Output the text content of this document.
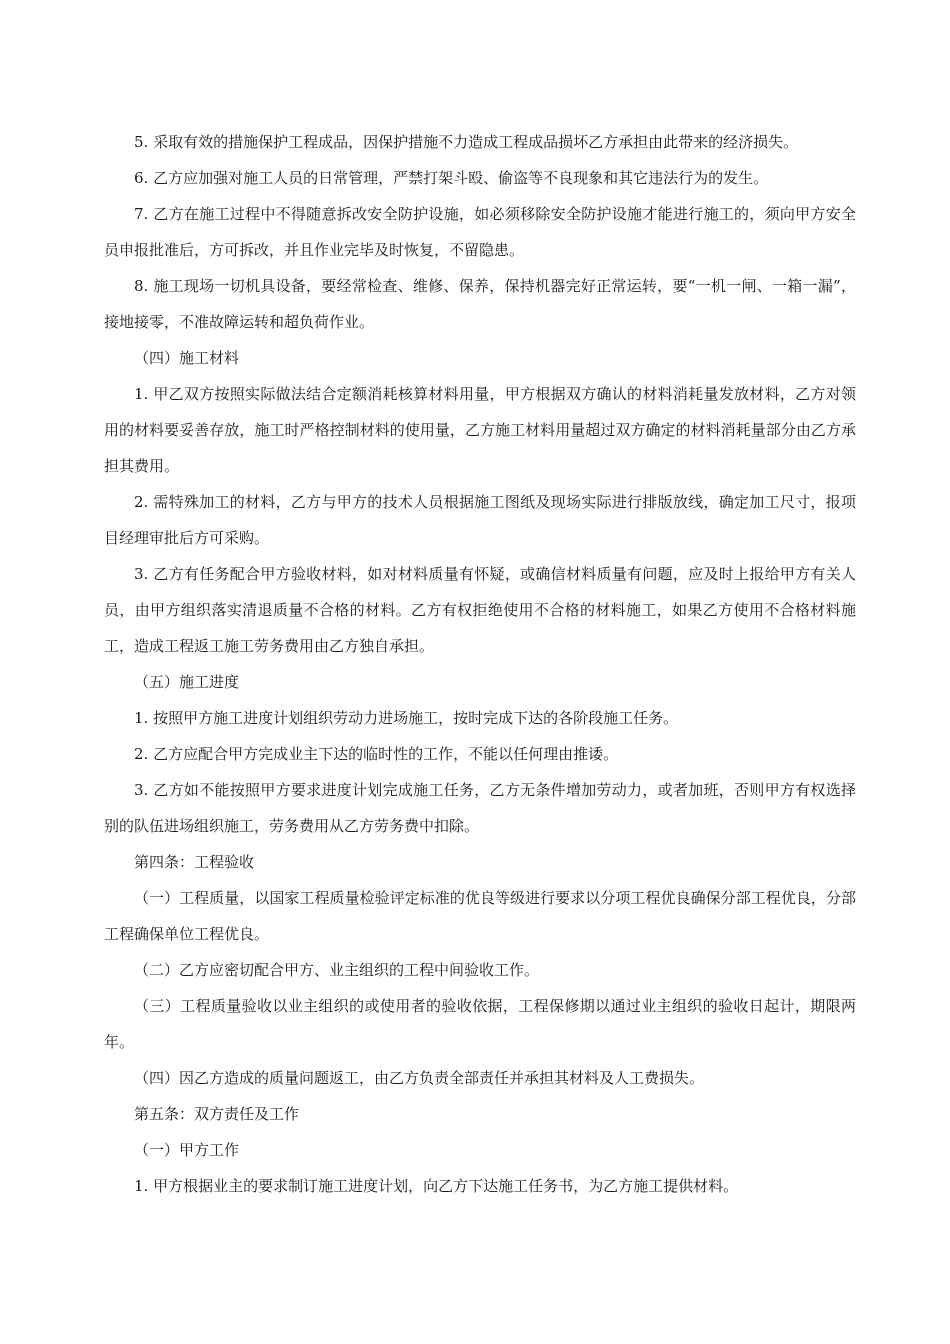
5. 采取有效的措施保护工程成品，因保护措施不力造成工程成品损坏乙方承担由此带来的经济损失。

6. 乙方应加强对施工人员的日常管理，严禁打架斗殴、偷盗等不良现象和其它违法行为的发生。

7. 乙方在施工过程中不得随意拆改安全防护设施，如必须移除安全防护设施才能进行施工的，须向甲方安全员申报批准后，方可拆改，并且作业完毕及时恢复，不留隐患。

8. 施工现场一切机具设备，要经常检查、维修、保养，保持机器完好正常运转，要“一机一闸、一箱一漏”，接地接零，不准故障运转和超负荷作业。

（四）施工材料

1. 甲乙双方按照实际做法结合定额消耗核算材料用量，甲方根据双方确认的材料消耗量发放材料，乙方对领用的材料要妥善存放，施工时严格控制材料的使用量，乙方施工材料用量超过双方确定的材料消耗量部分由乙方承担其费用。

2. 需特殊加工的材料，乙方与甲方的技术人员根据施工图纸及现场实际进行排版放线，确定加工尺寸，报项目经理审批后方可采购。

3. 乙方有任务配合甲方验收材料，如对材料质量有怀疑，或确信材料质量有问题，应及时上报给甲方有关人员，由甲方组织落实清退质量不合格的材料。乙方有权拒绝使用不合格的材料施工，如果乙方使用不合格材料施工，造成工程返工施工劳务费用由乙方独自承担。

（五）施工进度

1. 按照甲方施工进度计划组织劳动力进场施工，按时完成下达的各阶段施工任务。

2. 乙方应配合甲方完成业主下达的临时性的工作，不能以任何理由推诿。

3. 乙方如不能按照甲方要求进度计划完成施工任务，乙方无条件增加劳动力，或者加班，否则甲方有权选择别的队伍进场组织施工，劳务费用从乙方劳务费中扣除。

第四条：工程验收

（一）工程质量，以国家工程质量检验评定标准的优良等级进行要求以分项工程优良确保分部工程优良，分部工程确保单位工程优良。

（二）乙方应密切配合甲方、业主组织的工程中间验收工作。

（三）工程质量验收以业主组织的或使用者的验收依据，工程保修期以通过业主组织的验收日起计，期限两年。

（四）因乙方造成的质量问题返工，由乙方负责全部责任并承担其材料及人工费损失。

第五条：双方责任及工作

（一）甲方工作

1. 甲方根据业主的要求制订施工进度计划，向乙方下达施工任务书，为乙方施工提供材料。
